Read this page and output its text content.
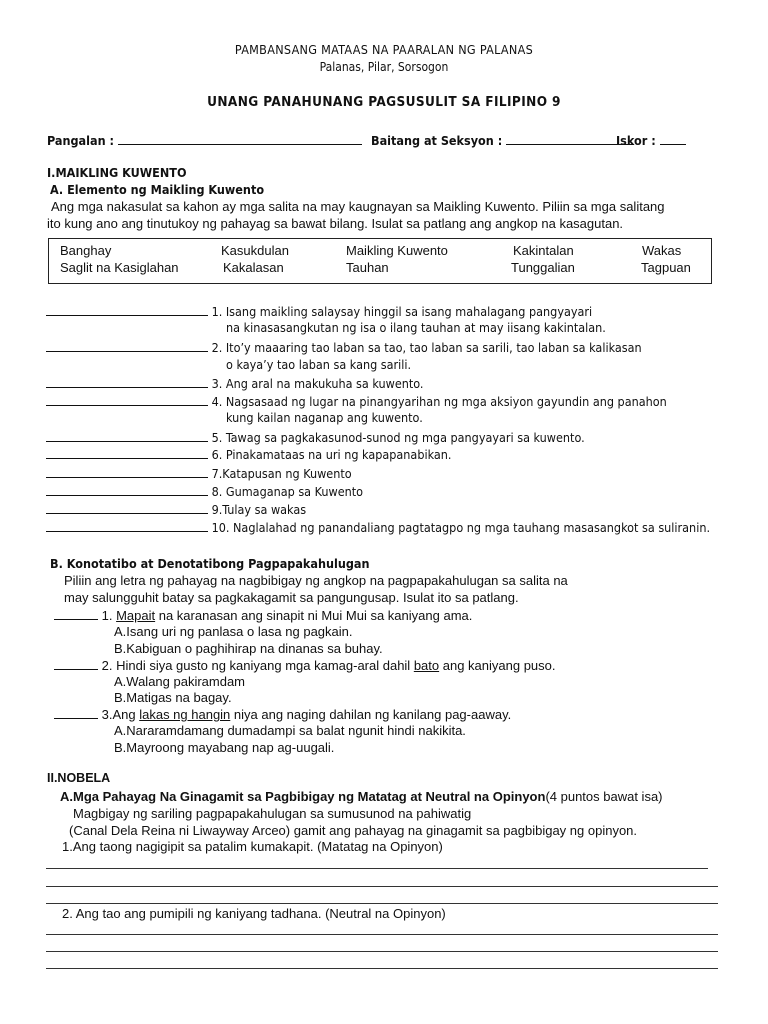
PAMBANSANG MATAAS NA PAARALAN NG PALANAS
Palanas, Pilar, Sorsogon
UNANG PANAHUNANG PAGSUSULIT SA FILIPINO 9
Pangalan :	Baitang at Seksyon :	Iskor :
I.MAIKLING KUWENTO
A. Elemento ng Maikling Kuwento
Ang mga nakasulat sa kahon ay mga salita na may kaugnayan sa Maikling Kuwento. Piliin sa mga salitang
ito kung ano ang tinutukoy ng pahayag sa bawat bilang. Isulat sa patlang ang angkop na kasagutan.
Banghay	Kasukdulan	Maikling Kuwento	Kakintalan	Wakas
Saglit na Kasiglahan	Kakalasan	Tauhan	Tunggalian	Tagpuan
1. Isang maikling salaysay hinggil sa isang mahalagang pangyayari
na kinasasangkutan ng isa o ilang tauhan at may iisang kakintalan.
2. Ito’y maaaring tao laban sa tao, tao laban sa sarili, tao laban sa kalikasan
o kaya’y tao laban sa kang sarili.
3. Ang aral na makukuha sa kuwento.
4. Nagsasaad ng lugar na pinangyarihan ng mga aksiyon gayundin ang panahon
kung kailan naganap ang kuwento.
5. Tawag sa pagkakasunod-sunod ng mga pangyayari sa kuwento.
6. Pinakamataas na uri ng kapapanabikan.
7.Katapusan ng Kuwento
8. Gumaganap sa Kuwento
9.Tulay sa wakas
10. Naglalahad ng panandaliang pagtatagpo ng mga tauhang masasangkot sa suliranin.
B. Konotatibo at Denotatibong Pagpapakahulugan
Piliin ang letra ng pahayag na nagbibigay ng angkop na pagpapakahulugan sa salita na
may salungguhit batay sa pagkakagamit sa pangungusap. Isulat ito sa patlang.
1. Mapait na karanasan ang sinapit ni Mui Mui sa kaniyang ama.
A.Isang uri ng panlasa o lasa ng pagkain.
B.Kabiguan o paghihirap na dinanas sa buhay.
2. Hindi siya gusto ng kaniyang mga kamag-aral dahil bato ang kaniyang puso.
A.Walang pakiramdam
B.Matigas na bagay.
3.Ang lakas ng hangin niya ang naging dahilan ng kanilang pag-aaway.
A.Nararamdamang dumadampi sa balat ngunit hindi nakikita.
B.Mayroong mayabang nap ag-uugali.
II.NOBELA
A.Mga Pahayag Na Ginagamit sa Pagbibigay ng Matatag at Neutral na Opinyon(4 puntos bawat isa)
Magbigay ng sariling pagpapakahulugan sa sumusunod na pahiwatig
(Canal Dela Reina ni Liwayway Arceo) gamit ang pahayag na ginagamit sa pagbibigay ng opinyon.
1.Ang taong nagigipit sa patalim kumakapit. (Matatag na Opinyon)
2. Ang tao ang pumipili ng kaniyang tadhana. (Neutral na Opinyon)
